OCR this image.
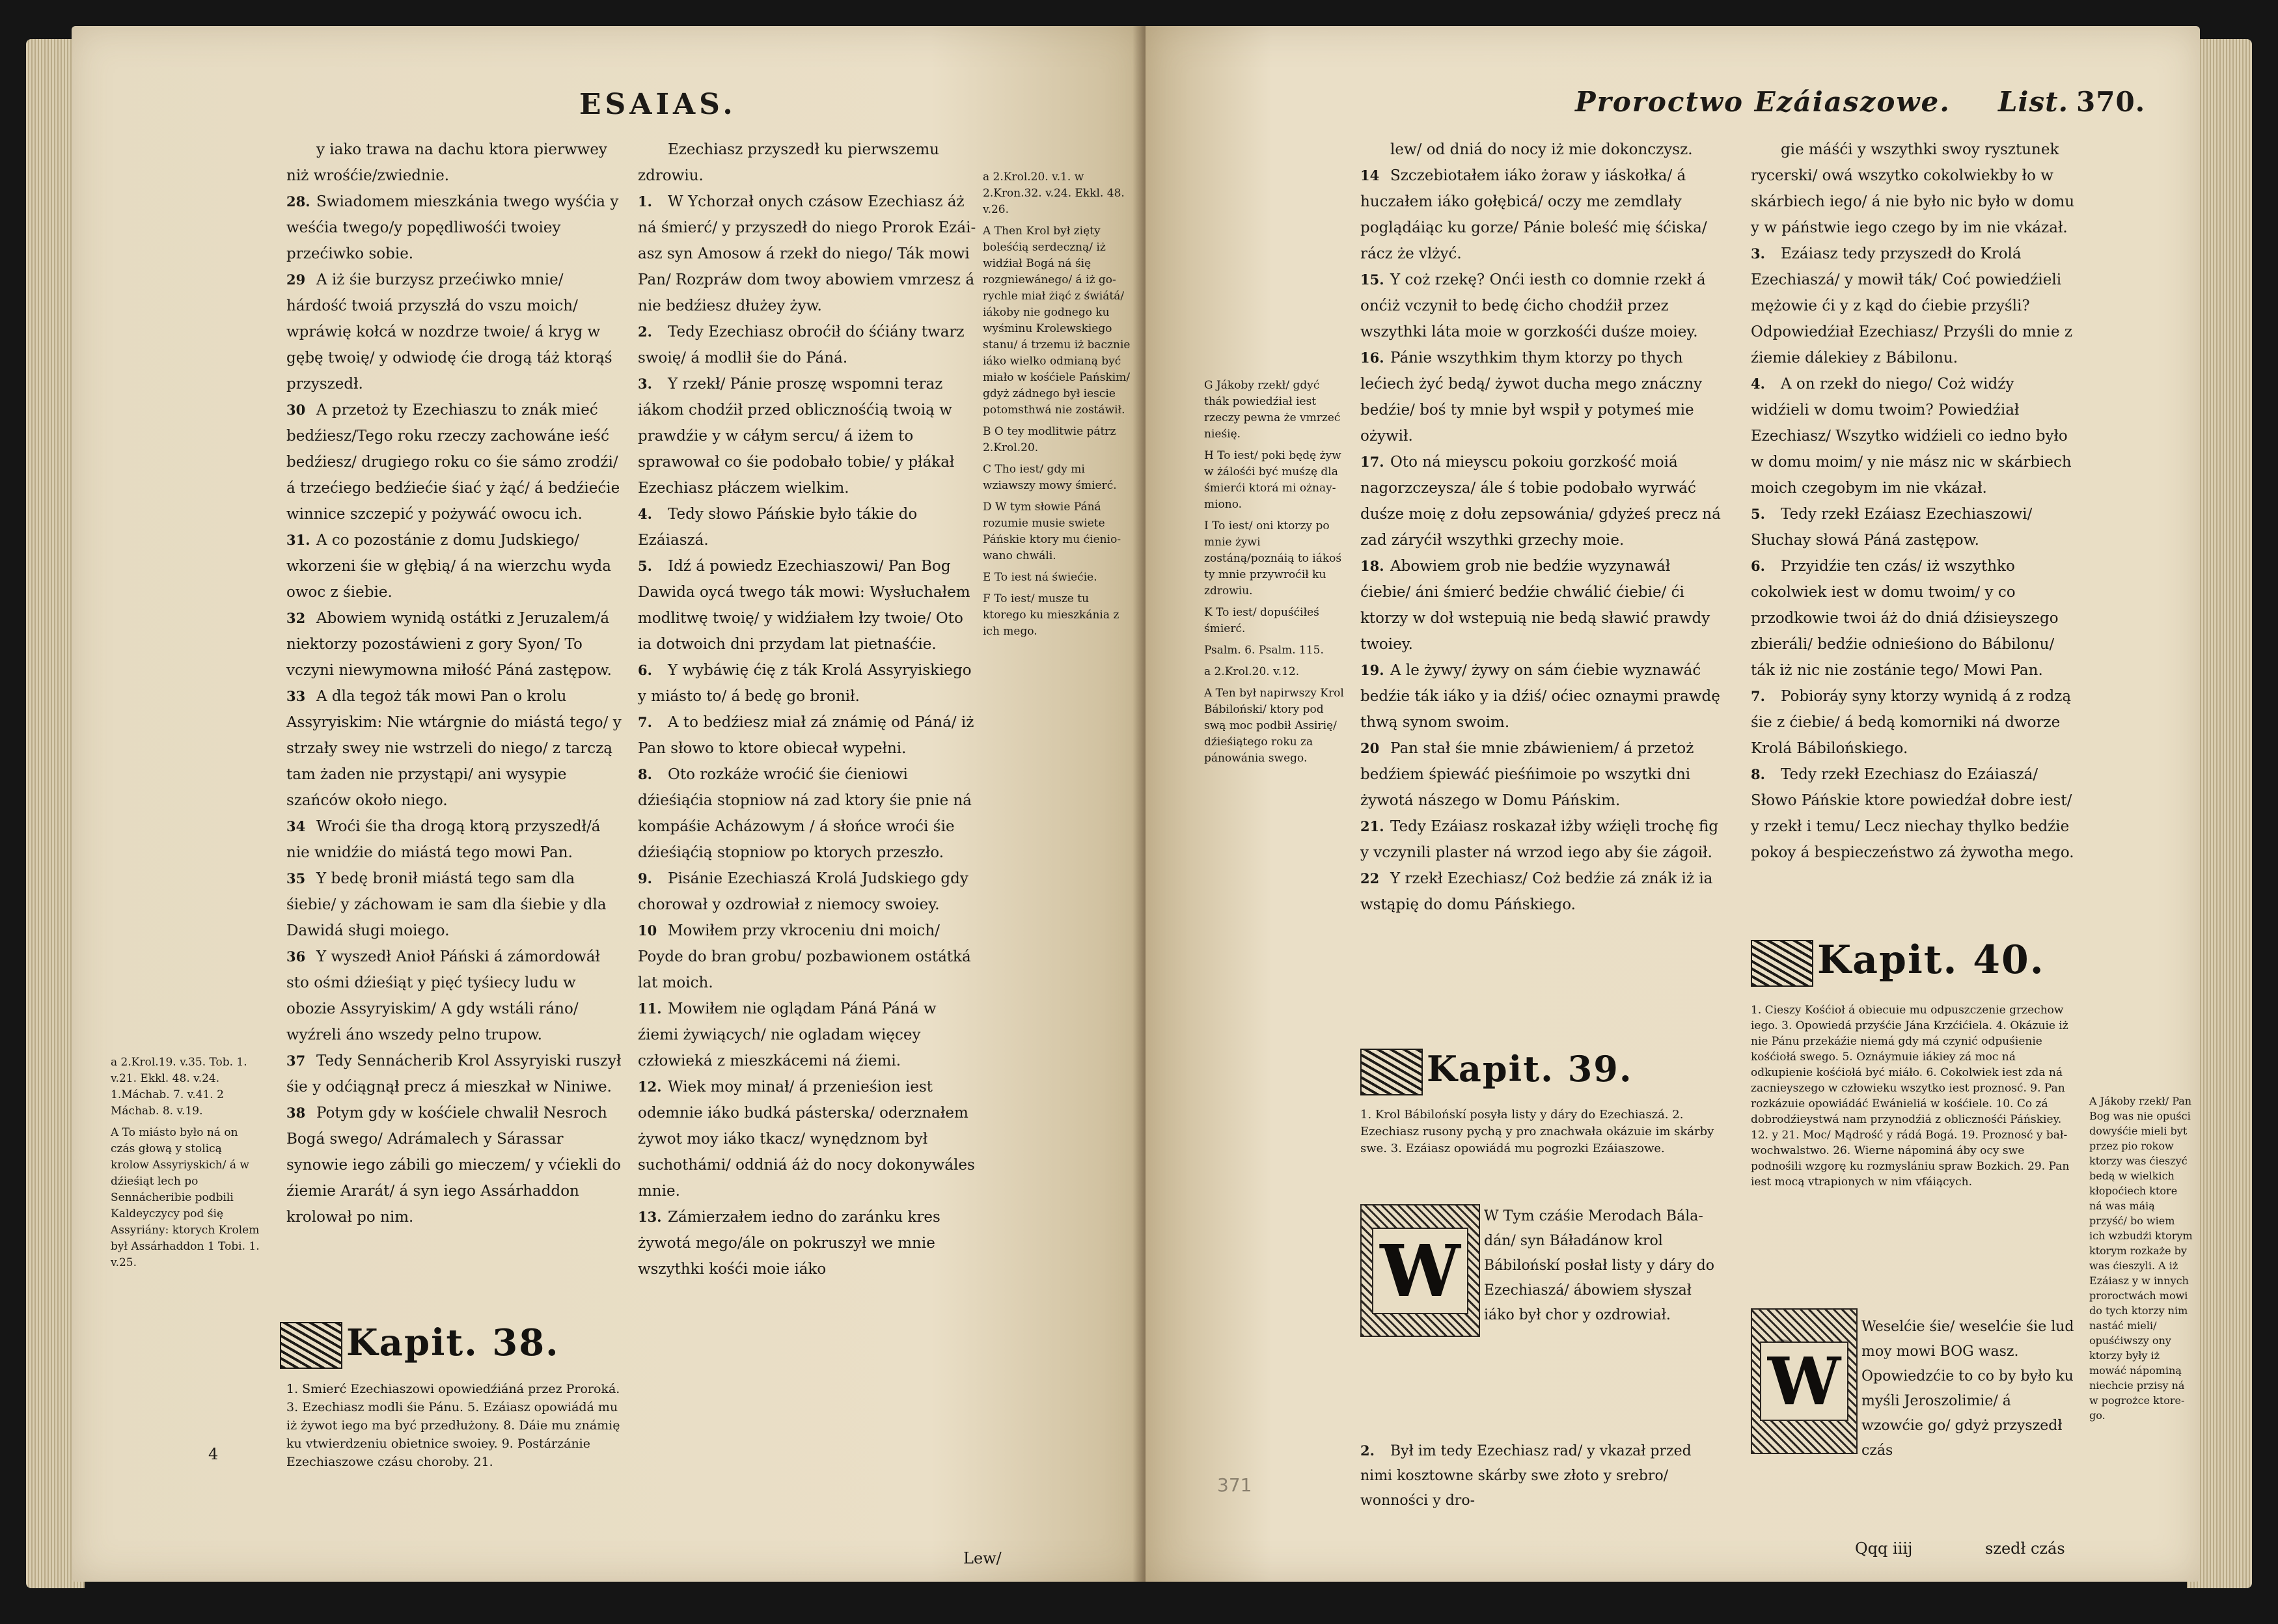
ESAIAS.

y iako trawa na dachu ktora pierwwey niż wrośćie/zwiednie.

28. Swiadomem mieszkánia twego wyśćia y weśćia twego/y popędliwośći twoiey przećiwko sobie.

29 A iż śie burzysz przećiwko mnie/ hárdość twoiá przyszłá do vszu moich/ wpráwię kołcá w nozdrze twoie/ á kryg w gębę twoię/ y odwiodę ćie drogą táż ktorąś przyszedł.

30 A przetoż ty Ezechiaszu to znák mieć bedźiesz/Tego roku rzeczy zachowáne ieść bedźiesz/ drugiego roku co śie sámo zrodźi/ á trzećiego bedźiećie śiać y żąć/ á bedźiećie winnice szczepić y pożywáć owocu ich.

31. A co pozostánie z domu Judskiego/ wkorzeni śie w głębią/ á na wierzchu wyda owoc z śiebie.

32 Abowiem wynidą ostátki z Jeruzalem/á niektorzy pozostáwieni z gory Syon/ To vczyni niewymowna miłość Páná zastępow.

33 A dla tegoż ták mowi Pan o krolu Assyryiskim: Nie wtárgnie do miástá tego/ y strzały swey nie wstrzeli do niego/ z tarczą tam żaden nie przystąpi/ ani wysypie szańców około niego.

34 Wroći śie tha drogą ktorą przyszedł/á nie wnidźie do miástá tego mowi Pan.

35 Y bedę bronił miástá tego sam dla śiebie/ y záchowam ie sam dla śiebie y dla Dawidá sługi moiego.

36 Y wyszedł Anioł Páński á zámordowáł sto ośmi dźieśiąt y pięć tyśiecy ludu w obozie Assyryiskim/ A gdy wstáli ráno/ wyźreli áno wszedy pelno trupow.

37 Tedy Sennácherib Krol Assyryiski ruszył śie y odćiągnął precz á mieszkał w Niniwe.

38 Potym gdy w kośćiele chwalił Nesroch Bogá swego/ Adrámalech y Sárassar synowie iego zábili go mieczem/ y vćiekli do źiemie Ararát/ á syn iego Assárhaddon krolował po nim.

Ezechiasz przyszedł ku pierwszemu zdrowiu.

1. W Ychorzał onych czásow Ezechiasz áż ná śmierć/ y przyszedł do niego Prorok Ezáiasz syn Amosow á rzekł do niego/ Ták mowi Pan/ Rozpráw dom twoy abowiem vmrzesz á nie bedźiesz dłużey żyw.

2. Tedy Ezechiasz obroćił do śćiány twarz swoię/ á modlił śie do Páná.

3. Y rzekł/ Pánie proszę wspomni teraz iákom chodźił przed oblicznośćią twoią w prawdźie y w cáłym sercu/ á iżem to sprawował co śie podobało tobie/ y płákał Ezechiasz płáczem wielkim.

4. Tedy słowo Páńskie było tákie do Ezáiaszá.

5. Idź á powiedz Ezechiaszowi/ Pan Bog Dawida oycá twego ták mowi: Wysłuchałem modlitwę twoię/ y widźiałem łzy twoie/ Oto ia dotwoich dni przydam lat pietnaśćie.

6. Y wybáwię ćię z ták Krolá Assyryiskiego y miásto to/ á bedę go bronił.

7. A to bedźiesz miał zá známię od Páná/ iż Pan słowo to ktore obiecał wypełni.

8. Oto rozkáże wroćić śie ćieniowi dźieśiąćia stopniow ná zad ktory śie pnie ná kompáśie Acházowym / á słońce wroći śie dźieśiąćią stopniow po ktorych przeszło.

9. Pisánie Ezechiaszá Krolá Judskiego gdy chorował y ozdrowiał z niemocy swoiey.

10 Mowiłem przy vkroceniu dni moich/ Poyde do bran grobu/ pozbawionem ostátká lat moich.

11. Mowiłem nie oglądam Páná Páná w źiemi żywiących/ nie ogladam więcey człowieká z mieszkácemi ná źiemi.

12. Wiek moy minał/ á przenieśion iest odemnie iáko budká pásterska/ oderznałem żywot moy iáko tkacz/ wynędznom był suchothámi/ oddniá áż do nocy dokonywáles mnie.

13. Zámierzałem iedno do zaránku kres żywotá mego/ále on pokruszył we mnie wszythki kośći moie iáko

Kapit. 38.
1. Smierć Ezechiaszowi opowiedźiáná przez Proroká. 3. Ezechiasz modli śie Pánu. 5. Ezáiasz opowiádá mu iż żywot iego ma być przedłużony. 8. Dáie mu známię ku vtwierdzeniu obietnice swoiey. 9. Postárzánie Ezechiaszowe czásu choroby. 21.

a 2.Krol.19. v.35. Tob. 1. v.21. Ekkl. 48. v.24. 1.Máchab. 7. v.41. 2 Máchab. 8. v.19.

A To miásto było ná on czás głową y stolicą krolow Assyriyskich/ á w dźieśiąt lech po Sennácheribie podbili Kaldeyczycy pod śię Assyriány: ktorych Krolem był Assárhaddon 1 Tobi. 1. v.25.

a 2.Krol.20. v.1. w 2.Kron.32. v.24. Ekkl. 48. v.26.

A Then Krol był zięty boleśćią serdeczną/ iż widźiał Bogá ná śię rozgniewánego/ á iż gorychle miał żiąć z świátá/ iákoby nie godnego ku wyśminu Krolewskiego stanu/ á trzemu iż bacznie iáko wielko odmianą być miało w kośćiele Pańskim/ gdyż zádnego był iescie potomsthwá nie zostáwił.

B O tey modlitwie pátrz 2.Krol.20.

C Tho iest/ gdy mi wziawszy mowy śmierć.

D W tym słowie Páná rozumie musie swiete Páńskie ktory mu ćieniowano chwáli.

E To iest ná świećie.

F To iest/ musze tu ktorego ku mieszkánia z ich mego.

4
Lew/
Proroctwo Ezáiaszowe. List. 370.

G Jákoby rzekł/ gdyć thák powiedźiał iest rzeczy pewna że vmrzeć nieśię.

H To iest/ poki będę żyw w żálośći być muśzę dla śmierći ktorá mi ożnaymiono.

I To iest/ oni ktorzy po mnie żywi zostáną/poznáią to iákoś ty mnie przywroćił ku zdrowiu.

K To iest/ dopuśćiłeś śmierć.

Psalm. 6. Psalm. 115.

a 2.Krol.20. v.12.

A Ten był napirwszy Krol Bábiloński/ ktory pod swą moc podbił Assirię/ dźieśiątego roku za pánowánia swego.

lew/ od dniá do nocy iż mie dokonczysz.

14 Szczebiotałem iáko żoraw y iáskołka/ á huczałem iáko gołębicá/ oczy me zemdlały poglądáiąc ku gorze/ Pánie boleść mię śćiska/ rácz że vlżyć.

15. Y coż rzekę? Onći iesth co domnie rzekł á onćiż vczynił to bedę ćicho chodźił przez wszythki láta moie w gorzkośći duśze moiey.

16. Pánie wszythkim thym ktorzy po thych lećiech żyć bedą/ żywot ducha mego znáczny bedźie/ boś ty mnie był wspił y potymeś mie ożywił.

17. Oto ná mieyscu pokoiu gorzkość moiá nagorzczeysza/ ále ś tobie podobało wyrwáć duśze moię z dołu zepsowánia/ gdyżeś precz ná zad záryćił wszythki grzechy moie.

18. Abowiem grob nie bedźie wyzynawáł ćiebie/ áni śmierć bedźie chwálić ćiebie/ ći ktorzy w doł wstepuią nie bedą sławić prawdy twoiey.

19. A le żywy/ żywy on sám ćiebie wyznawáć bedźie ták iáko y ia dźiś/ oćiec oznaymi prawdę thwą synom swoim.

20 Pan stał śie mnie zbáwieniem/ á przetoż bedźiem śpiewáć pieśńimoie po wszytki dni żywotá nászego w Domu Páńskim.

21. Tedy Ezáiasz roskazał iżby wźięli trochę fig y vczynili plaster ná wrzod iego aby śie zágoił.

22 Y rzekł Ezechiasz/ Coż bedźie zá znák iż ia wstąpię do domu Páńskiego.

Kapit. 39.
1. Krol Bábilońskí posyła listy y dáry do Ezechiaszá. 2. Ezechiasz rusony pychą y pro znachwała okázuie im skárby swe. 3. Ezáiasz opowiádá mu pogrozki Ezáiaszowe.
W
W Tym czáśie Merodach Báladán/ syn Báładánow krol Bábilońskí posłał listy y dáry do Ezechiaszá/ ábowiem słyszał iáko był chor y ozdrowiał.
2. Był im tedy Ezechiasz rad/ y vkazał przed nimi kosztowne skárby swe złoto y srebro/ wonności y dro-

gie máśći y wszythki swoy rysztunek rycerski/ owá wszytko cokolwiekby ło w skárbiech iego/ á nie było nic było w domu y w páństwie iego czego by im nie vkázał.

3. Ezáiasz tedy przyszedł do Krolá Ezechiaszá/ y mowił ták/ Coć powiedźieli mężowie ći y z kąd do ćiebie przyśli? Odpowiedźiał Ezechiasz/ Przyśli do mnie z źiemie dálekiey z Bábilonu.

4. A on rzekł do niego/ Coż widźy widźieli w domu twoim? Powiedźiał Ezechiasz/ Wszytko widźieli co iedno było w domu moim/ y nie mász nic w skárbiech moich czegobym im nie vkázał.

5. Tedy rzekł Ezáiasz Ezechiaszowi/ Słuchay słowá Páná zastępow.

6. Przyidźie ten czás/ iż wszythko cokolwiek iest w domu twoim/ y co przodkowie twoi áż do dniá dźisieyszego zbieráli/ bedźie odnieśiono do Bábilonu/ ták iż nic nie zostánie tego/ Mowi Pan.

7. Pobioráy syny ktorzy wynidą á z rodzą śie z ćiebie/ á bedą komorniki ná dworze Krolá Bábilońskiego.

8. Tedy rzekł Ezechiasz do Ezáiaszá/ Słowo Páńskie ktore powiedźał dobre iest/ y rzekł i temu/ Lecz niechay thylko bedźie pokoy á bespieczeństwo zá żywotha mego.

Kapit. 40.
1. Cieszy Kośćioł á obiecuie mu odpuszczenie grzechow iego. 3. Opowiedá przyśćie Jána Krzćićiela. 4. Okázuie iż nie Pánu przekáźie niemá gdy má czynić odpuśienie kośćiołá swego. 5. Oznáymuie iákiey zá moc ná odkupienie kośćiołá być miáło. 6. Cokolwiek iest zda ná zacnieyszego w człowieku wszytko iest proznosć. 9. Pan rozkázuie opowiádáć Ewánieliá w kośćiele. 10. Co zá dobrodźieystwá nam przynodźiá z oblicznośći Páńskiey. 12. y 21. Moc/ Mądrość y rádá Bogá. 19. Proznosć y bałwochwalstwo. 26. Wierne nápominá áby ocy swe podnośili wzgorę ku rozmyslániu spraw Bozkich. 29. Pan iest mocą vtrapionych w nim vfáiących.
W
Weselćie śie/ weselćie śie lud moy mowi BOG wasz. Opowiedzćie to co by było ku myśli Jeroszolimie/ á wzowćie go/ gdyż przyszedł czás

A Jákoby rzekł/ Pan Bog was nie opuści dowyśćie mieli byt przez pio rokow ktorzy was ćieszyć bedą w wielkich kłopoćiech ktore ná was máią przyść/ bo wiem ich wzbudźi ktorym ktorym rozkaże by was ćieszyli. A iż Ezáiasz y w innych proroctwách mowi do tych ktorzy nim nastáć mieli/ opuśćiwszy ony ktorzy były iż mowáć nápominą niechcie przisy ná w pogrożce ktorego.

371
Qqq iiij	szedł czás
